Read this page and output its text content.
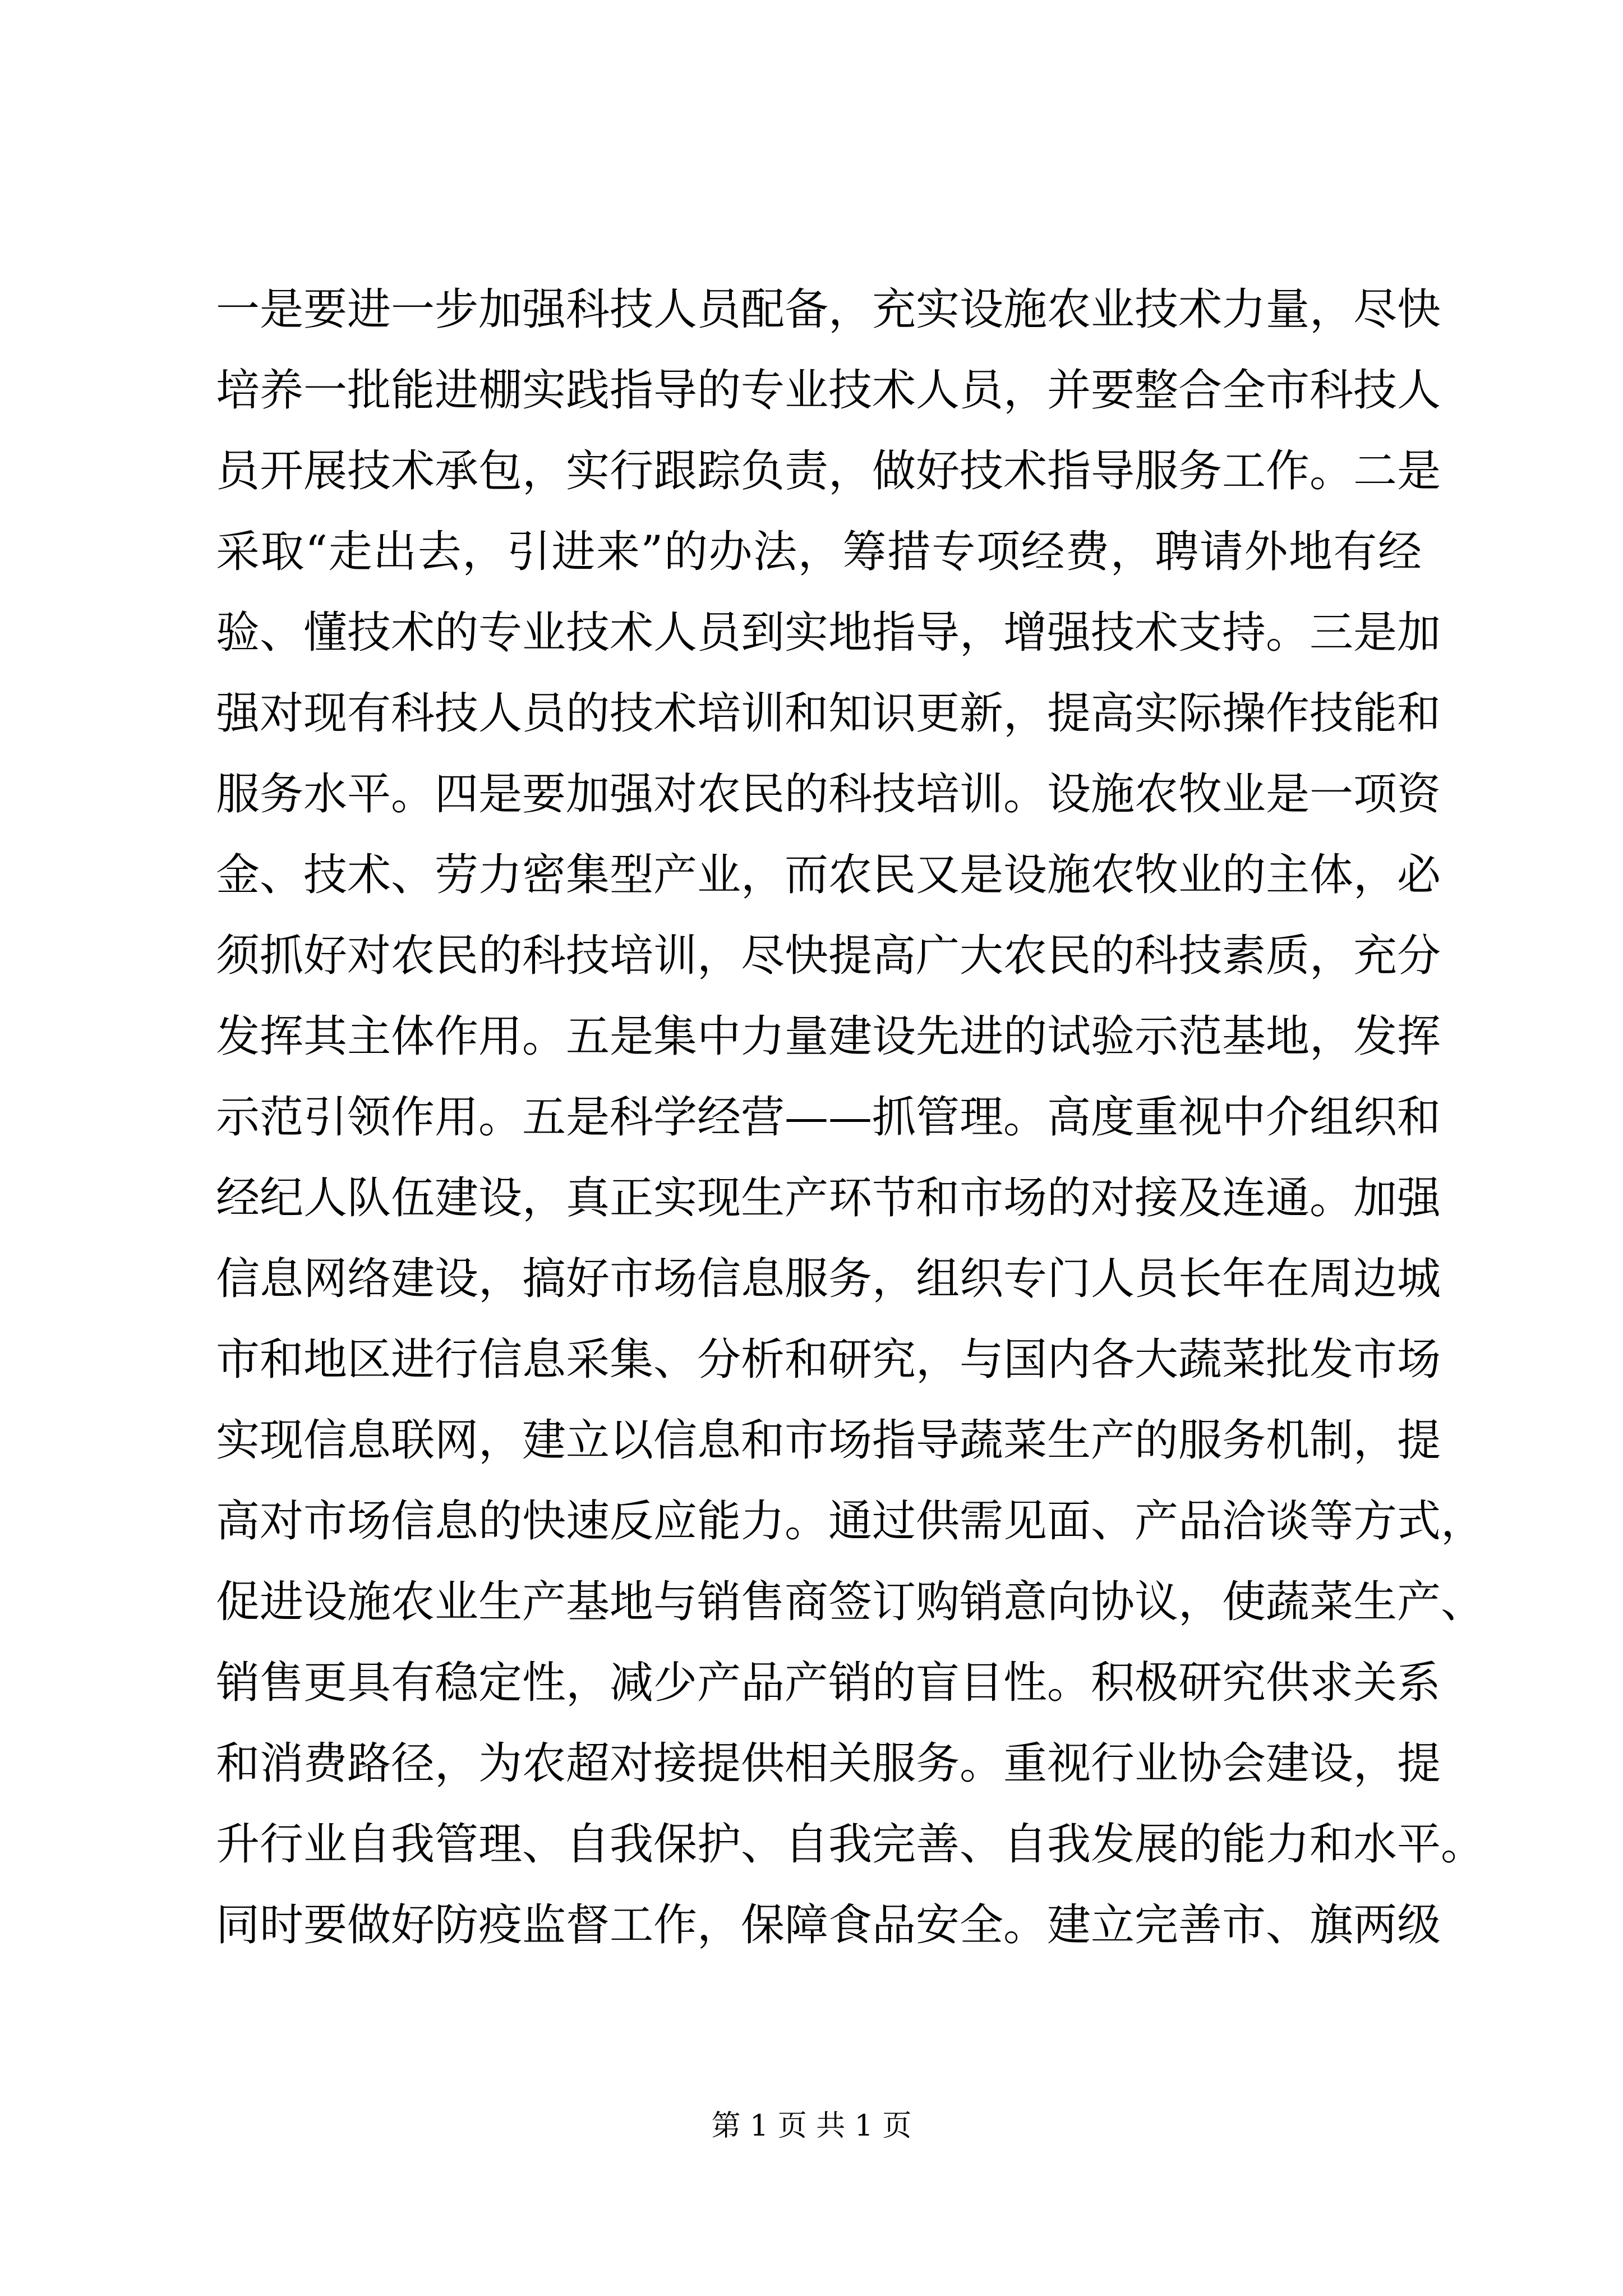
一是要进一步加强科技人员配备，充实设施农业技术力量，尽快
培养一批能进棚实践指导的专业技术人员，并要整合全市科技人
员开展技术承包，实行跟踪负责，做好技术指导服务工作。二是
采取“走出去，引进来”的办法，筹措专项经费，聘请外地有经
验、懂技术的专业技术人员到实地指导，增强技术支持。三是加
强对现有科技人员的技术培训和知识更新，提高实际操作技能和
服务水平。四是要加强对农民的科技培训。设施农牧业是一项资
金、技术、劳力密集型产业，而农民又是设施农牧业的主体，必
须抓好对农民的科技培训，尽快提高广大农民的科技素质，充分
发挥其主体作用。五是集中力量建设先进的试验示范基地，发挥
示范引领作用。五是科学经营——抓管理。高度重视中介组织和
经纪人队伍建设，真正实现生产环节和市场的对接及连通。加强
信息网络建设，搞好市场信息服务，组织专门人员长年在周边城
市和地区进行信息采集、分析和研究，与国内各大蔬菜批发市场
实现信息联网，建立以信息和市场指导蔬菜生产的服务机制，提
高对市场信息的快速反应能力。通过供需见面、产品洽谈等方式，
促进设施农业生产基地与销售商签订购销意向协议，使蔬菜生产、
销售更具有稳定性，减少产品产销的盲目性。积极研究供求关系
和消费路径，为农超对接提供相关服务。重视行业协会建设，提
升行业自我管理、自我保护、自我完善、自我发展的能力和水平。
同时要做好防疫监督工作，保障食品安全。建立完善市、旗两级
第 1 页 共 1 页
